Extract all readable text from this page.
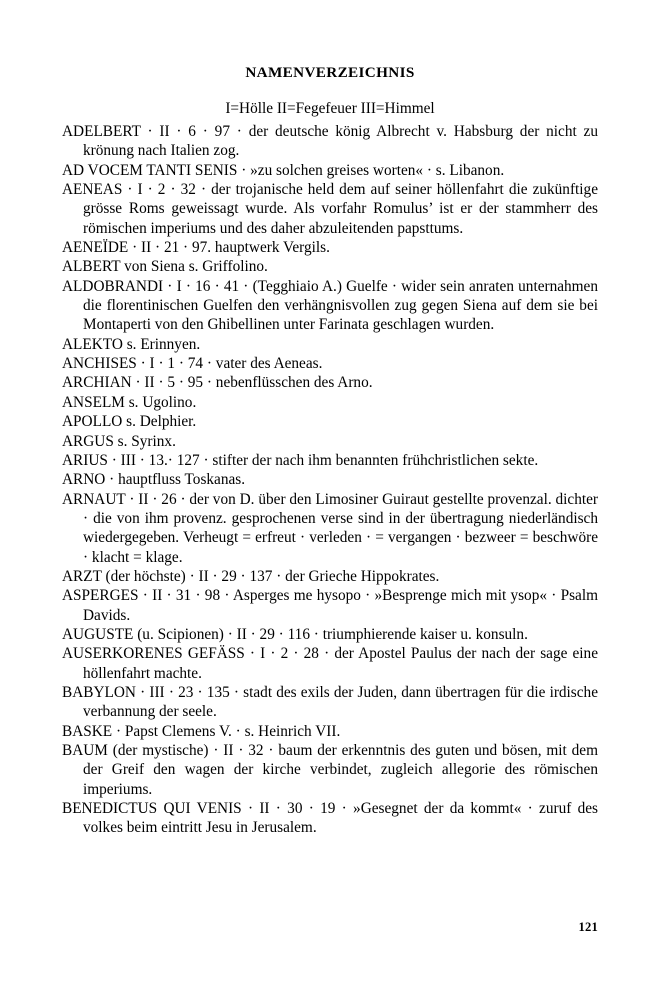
NAMENVERZEICHNIS
I=Hölle II=Fegefeuer III=Himmel

ADELBERT · II · 6 · 97 · der deutsche könig Albrecht v. Habsburg der nicht zu krönung nach Italien zog.

AD VOCEM TANTI SENIS · »zu solchen greises worten« · s. Libanon.

AENEAS · I · 2 · 32 · der trojanische held dem auf seiner höllenfahrt die zukünftige grösse Roms geweissagt wurde. Als vorfahr Romulus’ ist er der stammherr des römischen imperiums und des daher abzuleitenden papsttums.

AENEÏDE · II · 21 · 97. hauptwerk Vergils.

ALBERT von Siena s. Griffolino.

ALDOBRANDI · I · 16 · 41 · (Tegghiaio A.) Guelfe · wider sein anraten unternahmen die florentinischen Guelfen den verhängnisvollen zug gegen Siena auf dem sie bei Montaperti von den Ghibellinen unter Farinata geschlagen wurden.

ALEKTO s. Erinnyen.

ANCHISES · I · 1 · 74 · vater des Aeneas.

ARCHIAN · II · 5 · 95 · nebenflüsschen des Arno.

ANSELM s. Ugolino.

APOLLO s. Delphier.

ARGUS s. Syrinx.

ARIUS · III · 13.· 127 · stifter der nach ihm benannten frühchristlichen sekte.

ARNO · hauptfluss Toskanas.

ARNAUT · II · 26 · der von D. über den Limosiner Guiraut gestellte provenzal. dichter · die von ihm provenz. gesprochenen verse sind in der übertragung niederländisch wiedergegeben. Verheugt = erfreut · verleden · = vergangen · bezweer = beschwöre · klacht = klage.

ARZT (der höchste) · II · 29 · 137 · der Grieche Hippokrates.

ASPERGES · II · 31 · 98 · Asperges me hysopo · »Besprenge mich mit ysop« · Psalm Davids.

AUGUSTE (u. Scipionen) · II · 29 · 116 · triumphierende kaiser u. konsuln.

AUSERKORENES GEFÄSS · I · 2 · 28 · der Apostel Paulus der nach der sage eine höllenfahrt machte.

BABYLON · III · 23 · 135 · stadt des exils der Juden, dann übertragen für die irdische verbannung der seele.

BASKE · Papst Clemens V. · s. Heinrich VII.

BAUM (der mystische) · II · 32 · baum der erkenntnis des guten und bösen, mit dem der Greif den wagen der kirche verbindet, zugleich allegorie des römischen imperiums.

BENEDICTUS QUI VENIS · II · 30 · 19 · »Gesegnet der da kommt« · zuruf des volkes beim eintritt Jesu in Jerusalem.

121
